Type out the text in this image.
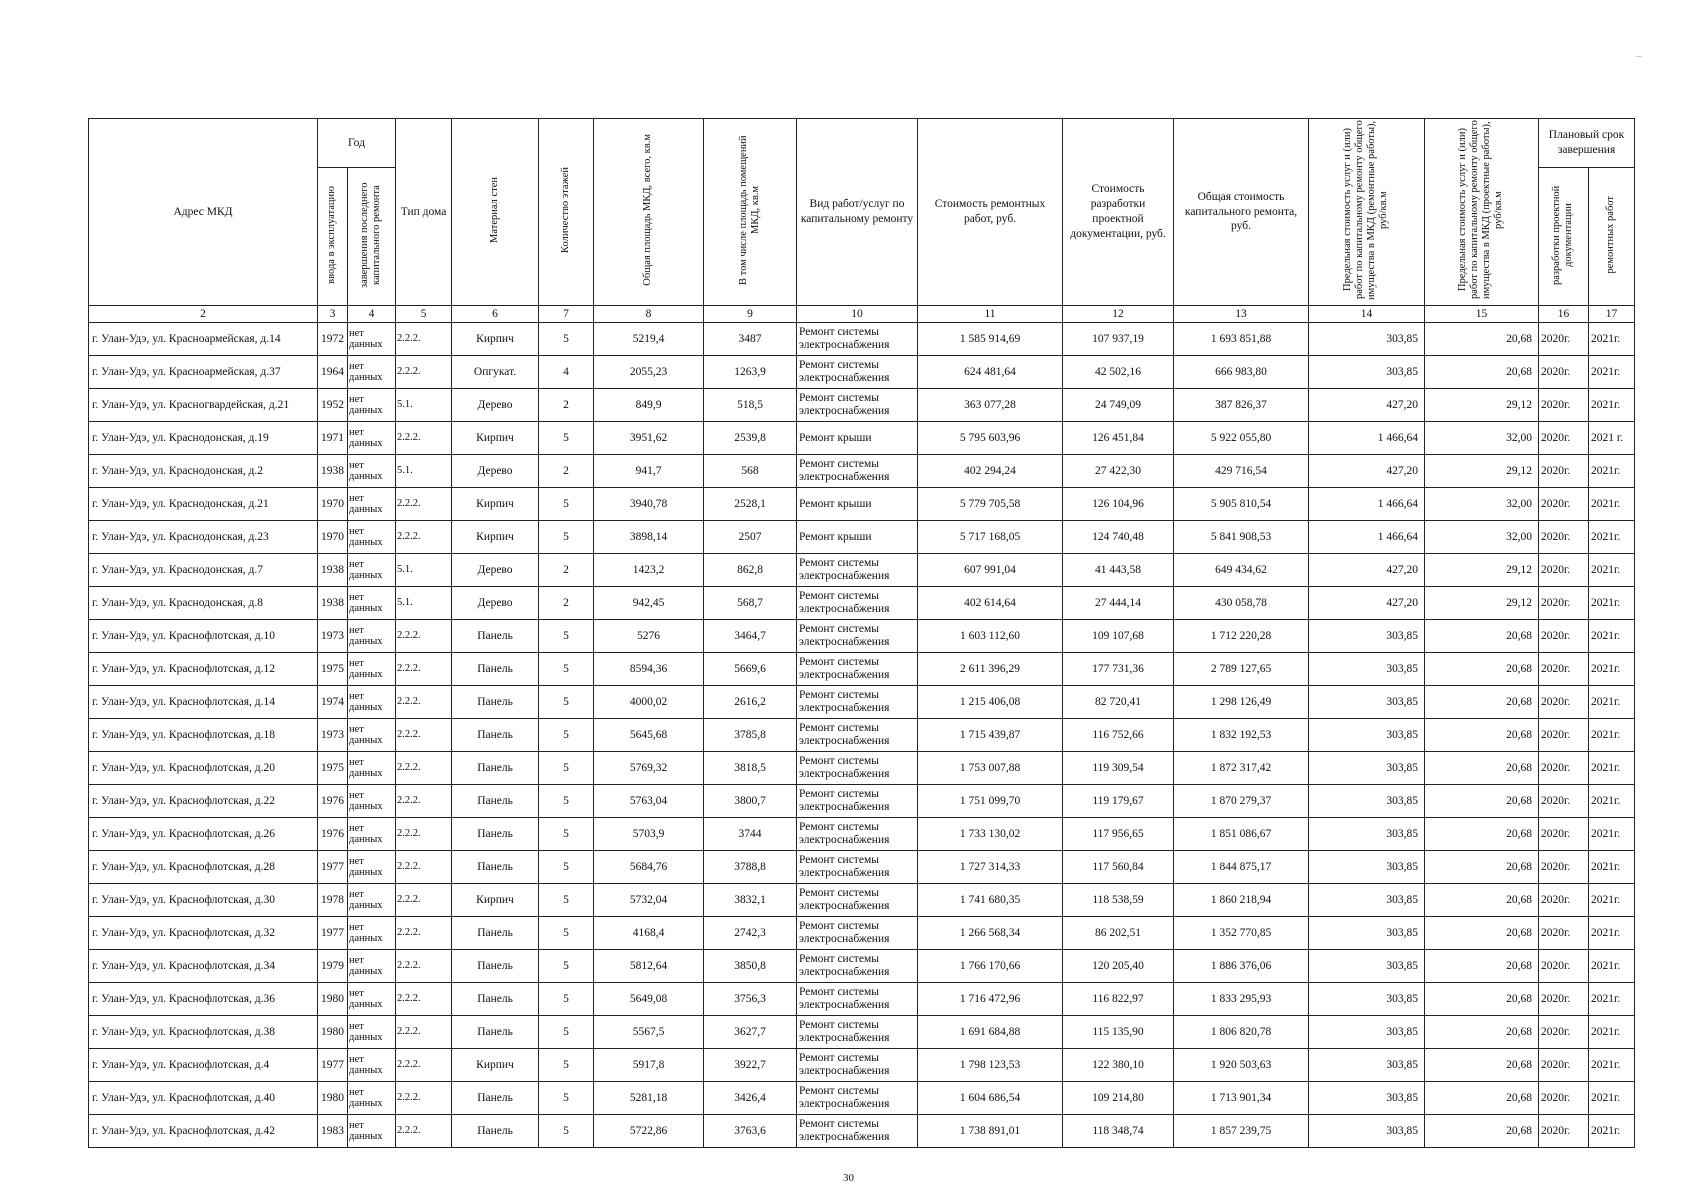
Адрес МКД	Год		Тип дома	Материал стен	Количество этажей	Общая площадь МКД, всего, кв.м	В том числе площадь помещений МКД, кв.м	Вид работ/услуг по капитальному ремонту	Стоимость ремонтных работ, руб.	Стоимость разработки проектной документации, руб.	Общая стоимость капитального ремонта, руб.	Предельная стоимость услуг и (или) работ по капитальному ремонту общего имущества в МКД (ремонтные работы), руб/кв.м	Предельная стоимость услуг и (или) работ по капитальному ремонту общего имущества в МКД (проектные работы), руб/кв.м	Плановый срок завершения	
	ввода в эксплуатацию	завершения последнего капитального ремонта												разработки проектной документации	ремонтных работ
2	3	4	5	6	7	8	9	10	11	12	13	14	15	16	17
г. Улан-Удэ, ул. Красноармейская, д.14	1972	нет данных	2.2.2.	Кирпич	5	5219,4	3487	Ремонт системы электроснабжения	1 585 914,69	107 937,19	1 693 851,88	303,85	20,68	2020г.	2021г.
г. Улан-Удэ, ул. Красноармейская, д.37	1964	нет данных	2.2.2.	Опгукат.	4	2055,23	1263,9	Ремонт системы электроснабжения	624 481,64	42 502,16	666 983,80	303,85	20,68	2020г.	2021г.
г. Улан-Удэ, ул. Красногвардейская, д.21	1952	нет данных	5.1.	Дерево	2	849,9	518,5	Ремонт системы электроснабжения	363 077,28	24 749,09	387 826,37	427,20	29,12	2020г.	2021г.
г. Улан-Удэ, ул. Краснодонская, д.19	1971	нет данных	2.2.2.	Кирпич	5	3951,62	2539,8	Ремонт крыши	5 795 603,96	126 451,84	5 922 055,80	1 466,64	32,00	2020г.	2021 г.
г. Улан-Удэ, ул. Краснодонская, д.2	1938	нет данных	5.1.	Дерево	2	941,7	568	Ремонт системы электроснабжения	402 294,24	27 422,30	429 716,54	427,20	29,12	2020г.	2021г.
г. Улан-Удэ, ул. Краснодонская, д.21	1970	нет данных	2.2.2.	Кирпич	5	3940,78	2528,1	Ремонт крыши	5 779 705,58	126 104,96	5 905 810,54	1 466,64	32,00	2020г.	2021г.
г. Улан-Удэ, ул. Краснодонская, д.23	1970	нет данных	2.2.2.	Кирпич	5	3898,14	2507	Ремонт крыши	5 717 168,05	124 740,48	5 841 908,53	1 466,64	32,00	2020г.	2021г.
г. Улан-Удэ, ул. Краснодонская, д.7	1938	нет данных	5.1.	Дерево	2	1423,2	862,8	Ремонт системы электроснабжения	607 991,04	41 443,58	649 434,62	427,20	29,12	2020г.	2021г.
г. Улан-Удэ, ул. Краснодонская, д.8	1938	нет данных	5.1.	Дерево	2	942,45	568,7	Ремонт системы электроснабжения	402 614,64	27 444,14	430 058,78	427,20	29,12	2020г.	2021г.
г. Улан-Удэ, ул. Краснофлотская, д.10	1973	нет данных	2.2.2.	Панель	5	5276	3464,7	Ремонт системы электроснабжения	1 603 112,60	109 107,68	1 712 220,28	303,85	20,68	2020г.	2021г.
г. Улан-Удэ, ул. Краснофлотская, д.12	1975	нет данных	2.2.2.	Панель	5	8594,36	5669,6	Ремонт системы электроснабжения	2 611 396,29	177 731,36	2 789 127,65	303,85	20,68	2020г.	2021г.
г. Улан-Удэ, ул. Краснофлотская, д.14	1974	нет данных	2.2.2.	Панель	5	4000,02	2616,2	Ремонт системы электроснабжения	1 215 406,08	82 720,41	1 298 126,49	303,85	20,68	2020г.	2021г.
г. Улан-Удэ, ул. Краснофлотская, д.18	1973	нет данных	2.2.2.	Панель	5	5645,68	3785,8	Ремонт системы электроснабжения	1 715 439,87	116 752,66	1 832 192,53	303,85	20,68	2020г.	2021г.
г. Улан-Удэ, ул. Краснофлотская, д.20	1975	нет данных	2.2.2.	Панель	5	5769,32	3818,5	Ремонт системы электроснабжения	1 753 007,88	119 309,54	1 872 317,42	303,85	20,68	2020г.	2021г.
г. Улан-Удэ, ул. Краснофлотская, д.22	1976	нет данных	2.2.2.	Панель	5	5763,04	3800,7	Ремонт системы электроснабжения	1 751 099,70	119 179,67	1 870 279,37	303,85	20,68	2020г.	2021г.
г. Улан-Удэ, ул. Краснофлотская, д.26	1976	нет данных	2.2.2.	Панель	5	5703,9	3744	Ремонт системы электроснабжения	1 733 130,02	117 956,65	1 851 086,67	303,85	20,68	2020г.	2021г.
г. Улан-Удэ, ул. Краснофлотская, д.28	1977	нет данных	2.2.2.	Панель	5	5684,76	3788,8	Ремонт системы электроснабжения	1 727 314,33	117 560,84	1 844 875,17	303,85	20,68	2020г.	2021г.
г. Улан-Удэ, ул. Краснофлотская, д.30	1978	нет данных	2.2.2.	Кирпич	5	5732,04	3832,1	Ремонт системы электроснабжения	1 741 680,35	118 538,59	1 860 218,94	303,85	20,68	2020г.	2021г.
г. Улан-Удэ, ул. Краснофлотская, д.32	1977	нет данных	2.2.2.	Панель	5	4168,4	2742,3	Ремонт системы электроснабжения	1 266 568,34	86 202,51	1 352 770,85	303,85	20,68	2020г.	2021г.
г. Улан-Удэ, ул. Краснофлотская, д.34	1979	нет данных	2.2.2.	Панель	5	5812,64	3850,8	Ремонт системы электроснабжения	1 766 170,66	120 205,40	1 886 376,06	303,85	20,68	2020г.	2021г.
г. Улан-Удэ, ул. Краснофлотская, д.36	1980	нет данных	2.2.2.	Панель	5	5649,08	3756,3	Ремонт системы электроснабжения	1 716 472,96	116 822,97	1 833 295,93	303,85	20,68	2020г.	2021г.
г. Улан-Удэ, ул. Краснофлотская, д.38	1980	нет данных	2.2.2.	Панель	5	5567,5	3627,7	Ремонт системы электроснабжения	1 691 684,88	115 135,90	1 806 820,78	303,85	20,68	2020г.	2021г.
г. Улан-Удэ, ул. Краснофлотская, д.4	1977	нет данных	2.2.2.	Кирпич	5	5917,8	3922,7	Ремонт системы электроснабжения	1 798 123,53	122 380,10	1 920 503,63	303,85	20,68	2020г.	2021г.
г. Улан-Удэ, ул. Краснофлотская, д.40	1980	нет данных	2.2.2.	Панель	5	5281,18	3426,4	Ремонт системы электроснабжения	1 604 686,54	109 214,80	1 713 901,34	303,85	20,68	2020г.	2021г.
г. Улан-Удэ, ул. Краснофлотская, д.42	1983	нет данных	2.2.2.	Панель	5	5722,86	3763,6	Ремонт системы электроснабжения	1 738 891,01	118 348,74	1 857 239,75	303,85	20,68	2020г.	2021г.
30
